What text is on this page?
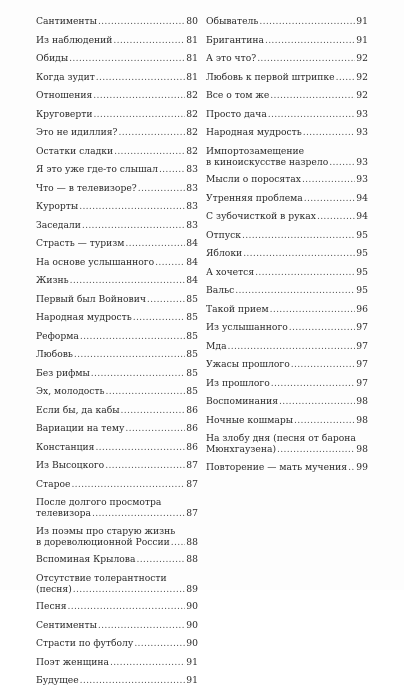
Сантименты .....	80
Из наблюдений .....	81
Обиды .....	81
Когда зудит .....	81
Отношения .....	82
Круговерти .....	82
Это не идиллия? .....	82
Остатки сладки .....	82
Я это уже где-то слышал .....	83
Что — в телевизоре? .....	83
Курорты .....	83
Заседали .....	83
Страсть — туризм .....	84
На основе услышанного .....	84
Жизнь .....	84
Первый был Войнович .....	85
Народная мудрость .....	85
Реформа .....	85
Любовь .....	85
Без рифмы .....	85
Эх, молодость .....	85
Если бы, да кабы .....	86
Вариации на тему .....	86
Констанция .....	86
Из Высоцкого .....	87
Старое .....	87
После долгого просмотра
телевизора .....	87
Из поэмы про старую жизнь
в дореволюционной России ..... 88
Вспоминая Крылова .....	88
Отсутствие толерантности
(песня) .....	89
Песня .....	90
Сентименты .....	90
Страсти по футболу .....	90
Поэт женщина .....	91
Будущее .....	91
Обыватель .....	91
Бригантина .....	91
А это что? .....	92
Любовь к первой штрипке ..... 92
Все о том же .....	92
Просто дача .....	93
Народная мудрость .....	93
Импортозамещение
в киноискусстве назрело .....	93
Мысли о поросятах .....	93
Утренняя проблема .....	94
С зубочисткой в руках .....	94
Отпуск .....	95
Яблоки .....	95
А хочется .....	95
Вальс .....	95
Такой прием .....	96
Из услышанного .....	97
Мда .....	97
Ужасы прошлого .....	97
Из прошлого .....	97
Воспоминания .....	98
Ночные кошмары .....	98
На злобу дня (песня от барона
Мюнхгаузена) .....	98
Повторение — мать мучения ..... 99
